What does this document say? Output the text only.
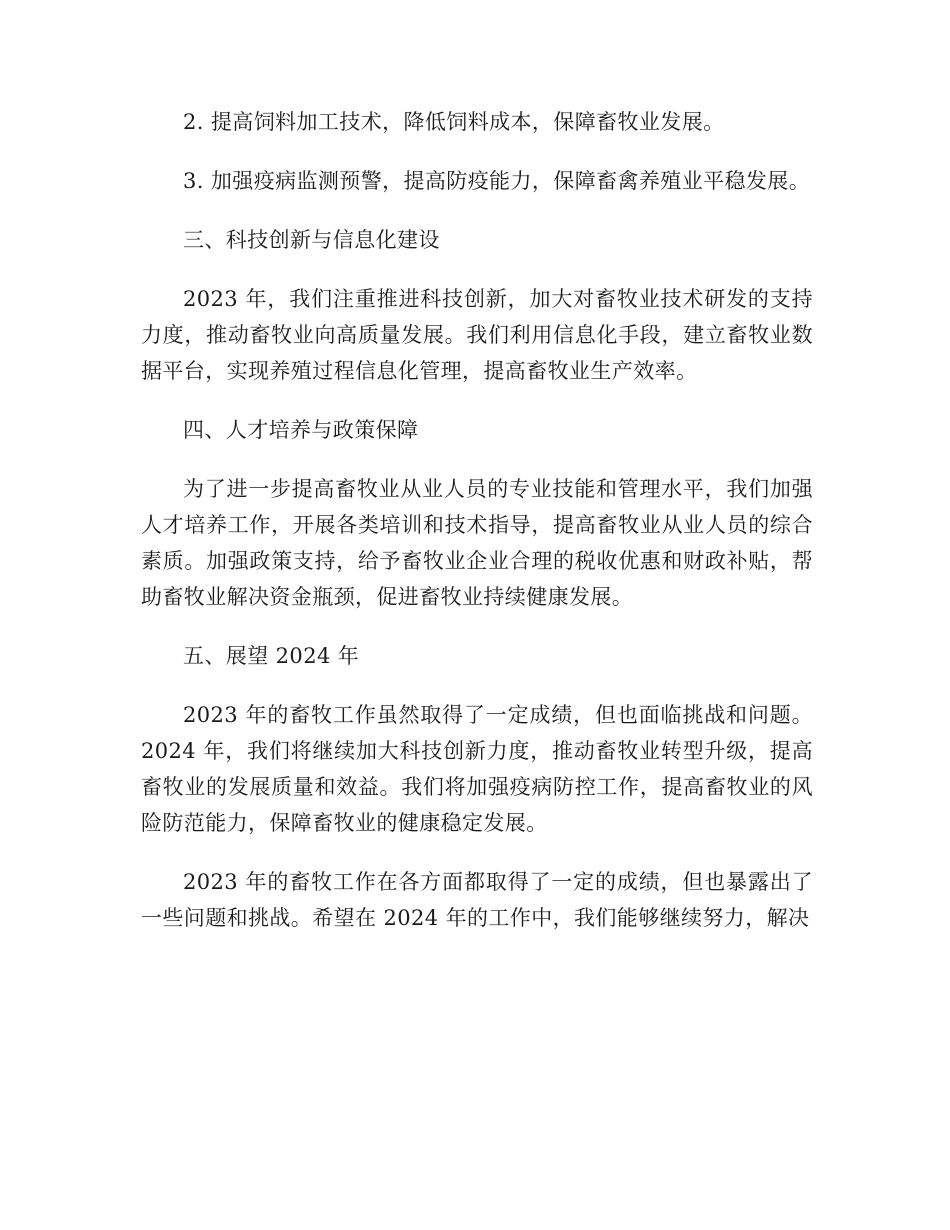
2. 提高饲料加工技术，降低饲料成本，保障畜牧业发展。

3. 加强疫病监测预警，提高防疫能力，保障畜禽养殖业平稳发展。

三、科技创新与信息化建设

2023 年，我们注重推进科技创新，加大对畜牧业技术研发的支持力度，推动畜牧业向高质量发展。我们利用信息化手段，建立畜牧业数据平台，实现养殖过程信息化管理，提高畜牧业生产效率。

四、人才培养与政策保障

为了进一步提高畜牧业从业人员的专业技能和管理水平，我们加强人才培养工作，开展各类培训和技术指导，提高畜牧业从业人员的综合素质。加强政策支持，给予畜牧业企业合理的税收优惠和财政补贴，帮助畜牧业解决资金瓶颈，促进畜牧业持续健康发展。

五、展望 2024 年

2023 年的畜牧工作虽然取得了一定成绩，但也面临挑战和问题。2024 年，我们将继续加大科技创新力度，推动畜牧业转型升级，提高畜牧业的发展质量和效益。我们将加强疫病防控工作，提高畜牧业的风险防范能力，保障畜牧业的健康稳定发展。

2023 年的畜牧工作在各方面都取得了一定的成绩，但也暴露出了一些问题和挑战。希望在 2024 年的工作中，我们能够继续努力，解决
